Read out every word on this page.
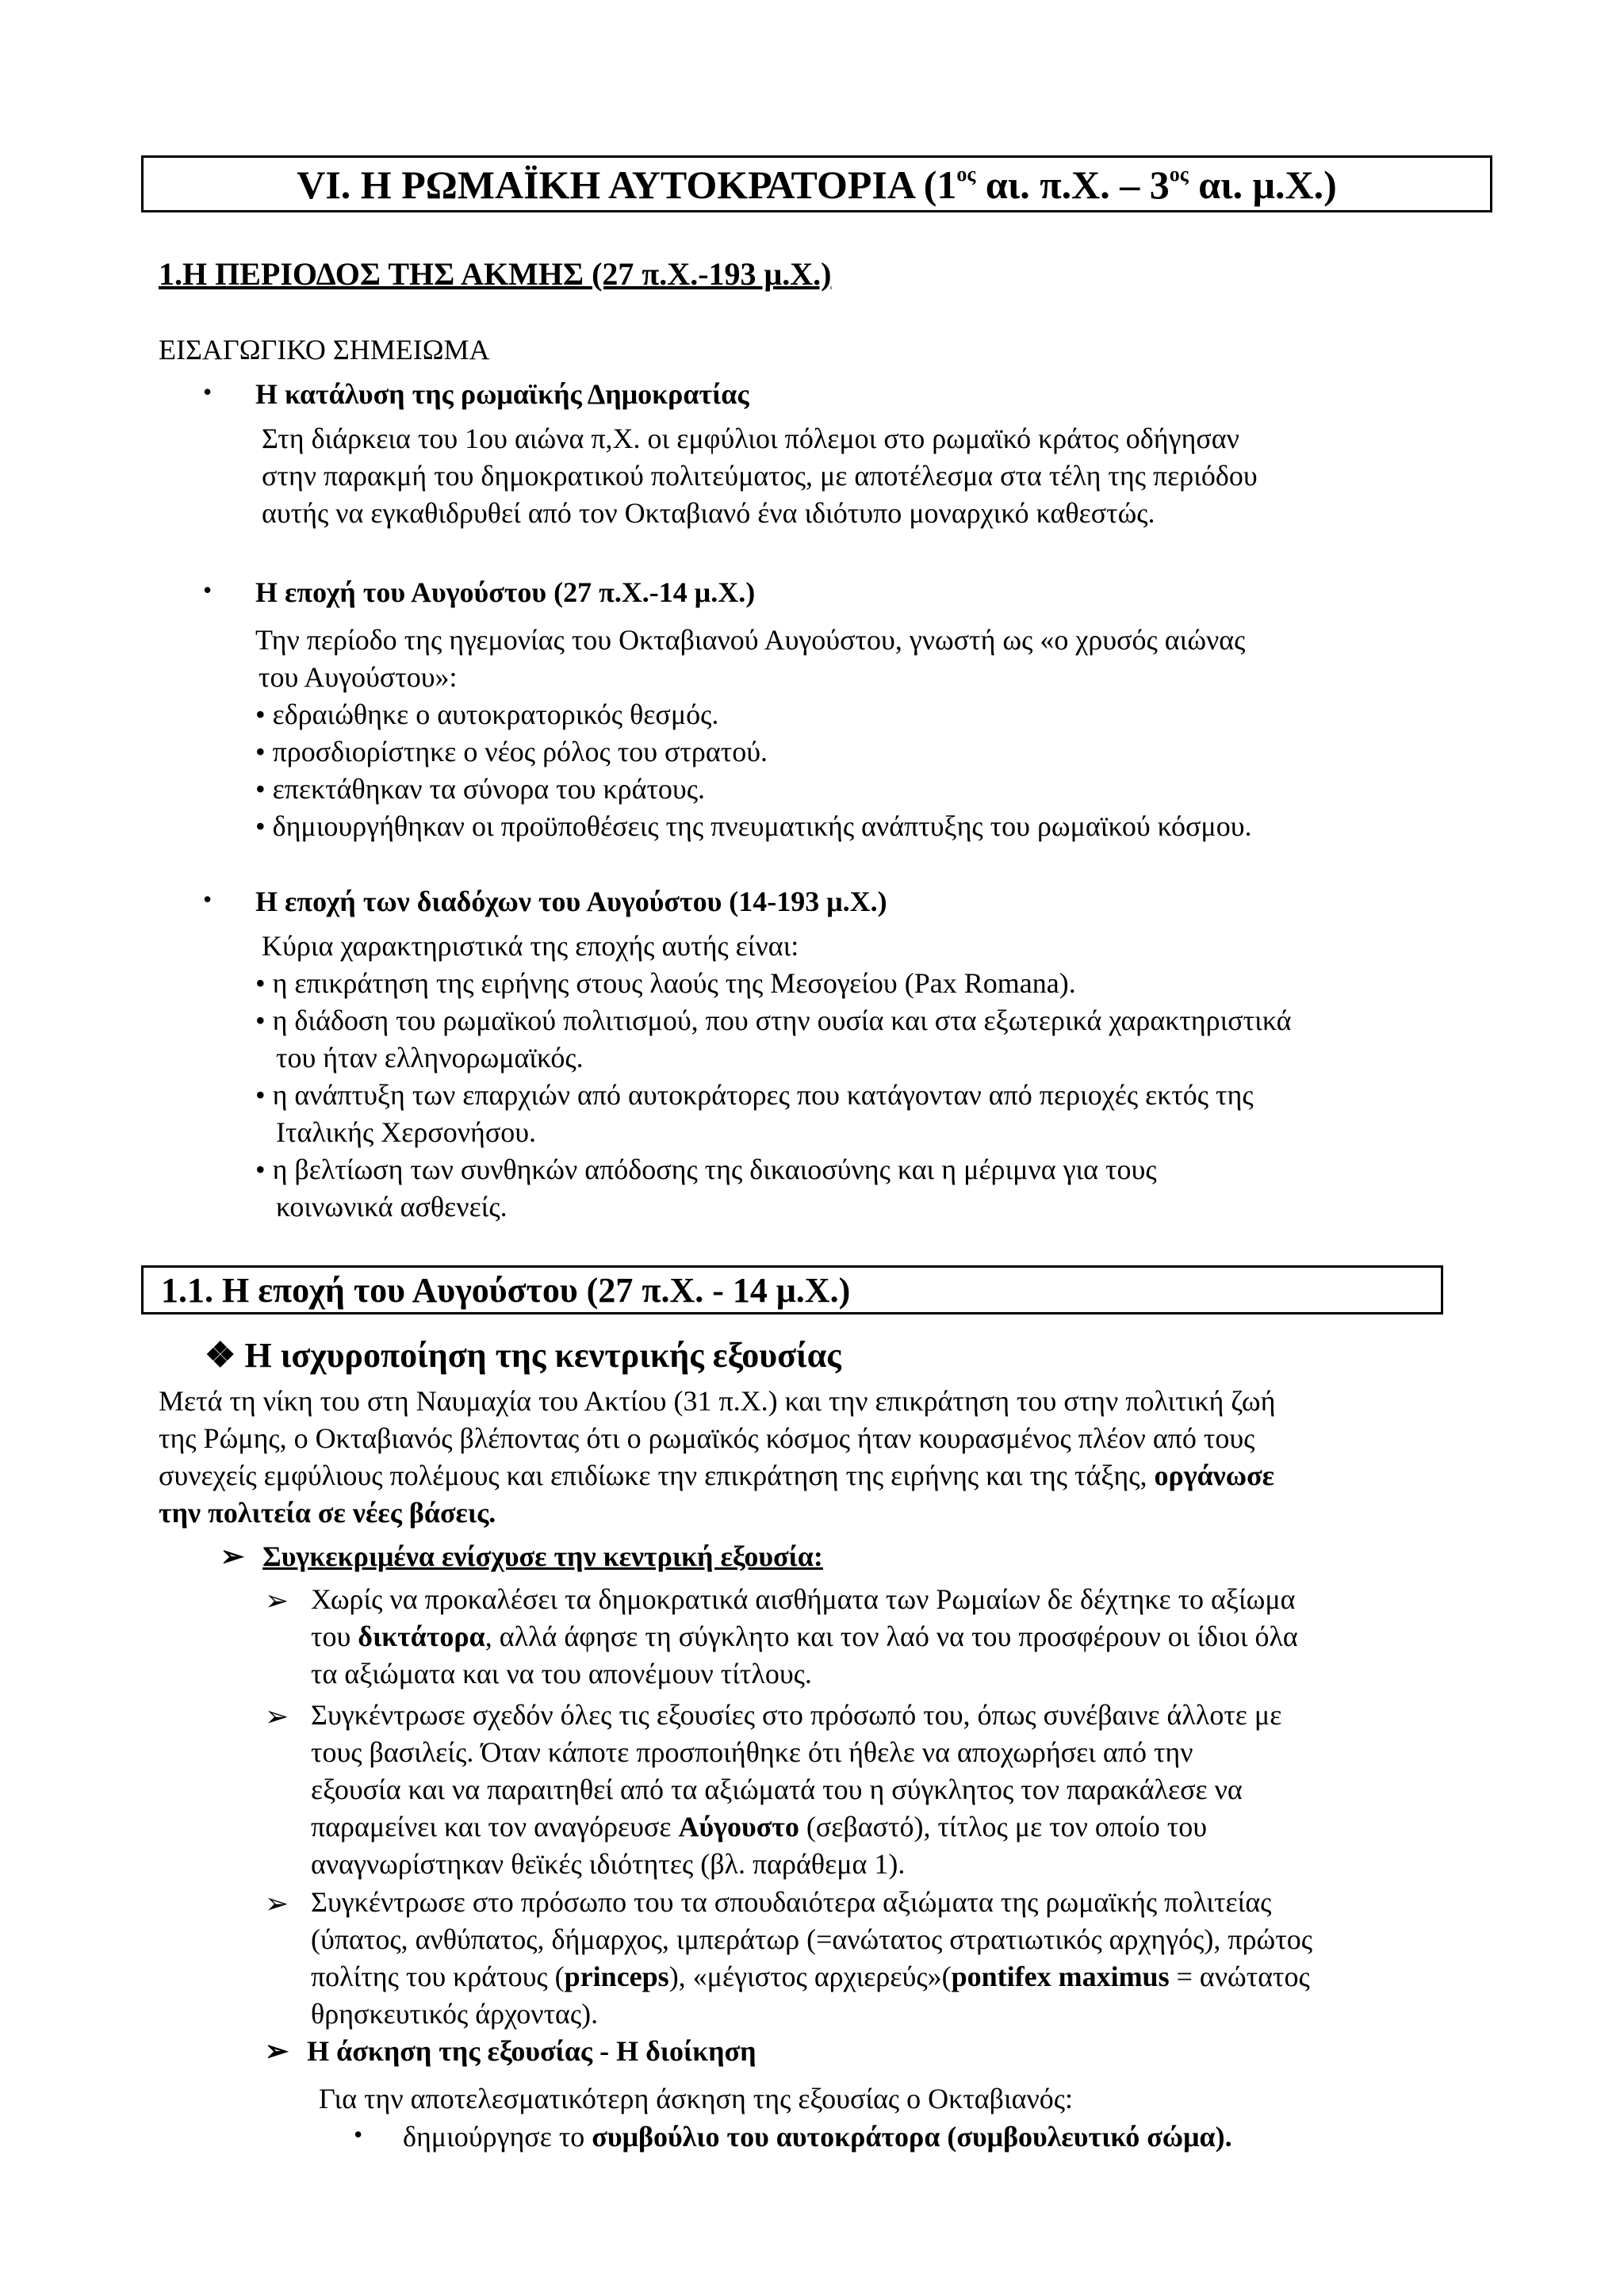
VI. Η ΡΩΜΑΪΚΗ ΑΥΤΟΚΡΑΤΟΡΙΑ ($1^{o\varsigma}$ αι. π.Χ. – $3^{o\varsigma}$ αι. μ.Χ.)
1.Η ΠΕΡΙΟΔΟΣ ΤΗΣ ΑΚΜΗΣ (27 π.Χ.-193 μ.Χ.)
ΕΙΣΑΓΩΓΙΚΟ ΣΗΜΕΙΩΜΑ
• Η κατάλυση της ρωμαϊκής Δημοκρατίας
Στη διάρκεια του 1ου αιώνα π,Χ. οι εμφύλιοι πόλεμοι στο ρωμαϊκό κράτος οδήγησαν
στην παρακμή του δημοκρατικού πολιτεύματος, με αποτέλεσμα στα τέλη της περιόδου
αυτής να εγκαθιδρυθεί από τον Οκταβιανό ένα ιδιότυπο μοναρχικό καθεστώς.
• Η εποχή του Αυγούστου (27 π.Χ.-14 μ.Χ.)
Την περίοδο της ηγεμονίας του Οκταβιανού Αυγούστου, γνωστή ως «ο χρυσός αιώνας
του Αυγούστου»:
• εδραιώθηκε ο αυτοκρατορικός θεσμός.
• προσδιορίστηκε ο νέος ρόλος του στρατού.
• επεκτάθηκαν τα σύνορα του κράτους.
• δημιουργήθηκαν οι προϋποθέσεις της πνευματικής ανάπτυξης του ρωμαϊκού κόσμου.
• Η εποχή των διαδόχων του Αυγούστου (14-193 μ.Χ.)
Κύρια χαρακτηριστικά της εποχής αυτής είναι:
• η επικράτηση της ειρήνης στους λαούς της Μεσογείου (Pax Romana).
• η διάδοση του ρωμαϊκού πολιτισμού, που στην ουσία και στα εξωτερικά χαρακτηριστικά
του ήταν ελληνορωμαϊκός.
• η ανάπτυξη των επαρχιών από αυτοκράτορες που κατάγονταν από περιοχές εκτός της
Ιταλικής Χερσονήσου.
• η βελτίωση των συνθηκών απόδοσης της δικαιοσύνης και η μέριμνα για τους
κοινωνικά ασθενείς.
1.1. Η εποχή του Αυγούστου (27 π.Χ. - 14 μ.Χ.)
❖ Η ισχυροποίηση της κεντρικής εξουσίας
Μετά τη νίκη του στη Ναυμαχία του Ακτίου (31 π.Χ.) και την επικράτηση του στην πολιτική ζωή
της Ρώμης, ο Οκταβιανός βλέποντας ότι ο ρωμαϊκός κόσμος ήταν κουρασμένος πλέον από τους
συνεχείς εμφύλιους πολέμους και επιδίωκε την επικράτηση της ειρήνης και της τάξης, οργάνωσε
την πολιτεία σε νέες βάσεις.
➢ Συγκεκριμένα ενίσχυσε την κεντρική εξουσία:
➢ Χωρίς να προκαλέσει τα δημοκρατικά αισθήματα των Ρωμαίων δε δέχτηκε το αξίωμα
του δικτάτορα, αλλά άφησε τη σύγκλητο και τον λαό να του προσφέρουν οι ίδιοι όλα
τα αξιώματα και να του απονέμουν τίτλους.
➢ Συγκέντρωσε σχεδόν όλες τις εξουσίες στο πρόσωπό του, όπως συνέβαινε άλλοτε με
τους βασιλείς. Όταν κάποτε προσποιήθηκε ότι ήθελε να αποχωρήσει από την
εξουσία και να παραιτηθεί από τα αξιώματά του η σύγκλητος τον παρακάλεσε να
παραμείνει και τον αναγόρευσε Αύγουστο (σεβαστό), τίτλος με τον οποίο του
αναγνωρίστηκαν θεϊκές ιδιότητες (βλ. παράθεμα 1).
➢ Συγκέντρωσε στο πρόσωπο του τα σπουδαιότερα αξιώματα της ρωμαϊκής πολιτείας
(ύπατος, ανθύπατος, δήμαρχος, ιμπεράτωρ (=ανώτατος στρατιωτικός αρχηγός), πρώτος
πολίτης του κράτους (princeps), «μέγιστος αρχιερεύς»(pontifex maximus = ανώτατος
θρησκευτικός άρχοντας).
➢ Η άσκηση της εξουσίας - Η διοίκηση
Για την αποτελεσματικότερη άσκηση της εξουσίας ο Οκταβιανός:
• δημιούργησε το συμβούλιο του αυτοκράτορα (συμβουλευτικό σώμα).
